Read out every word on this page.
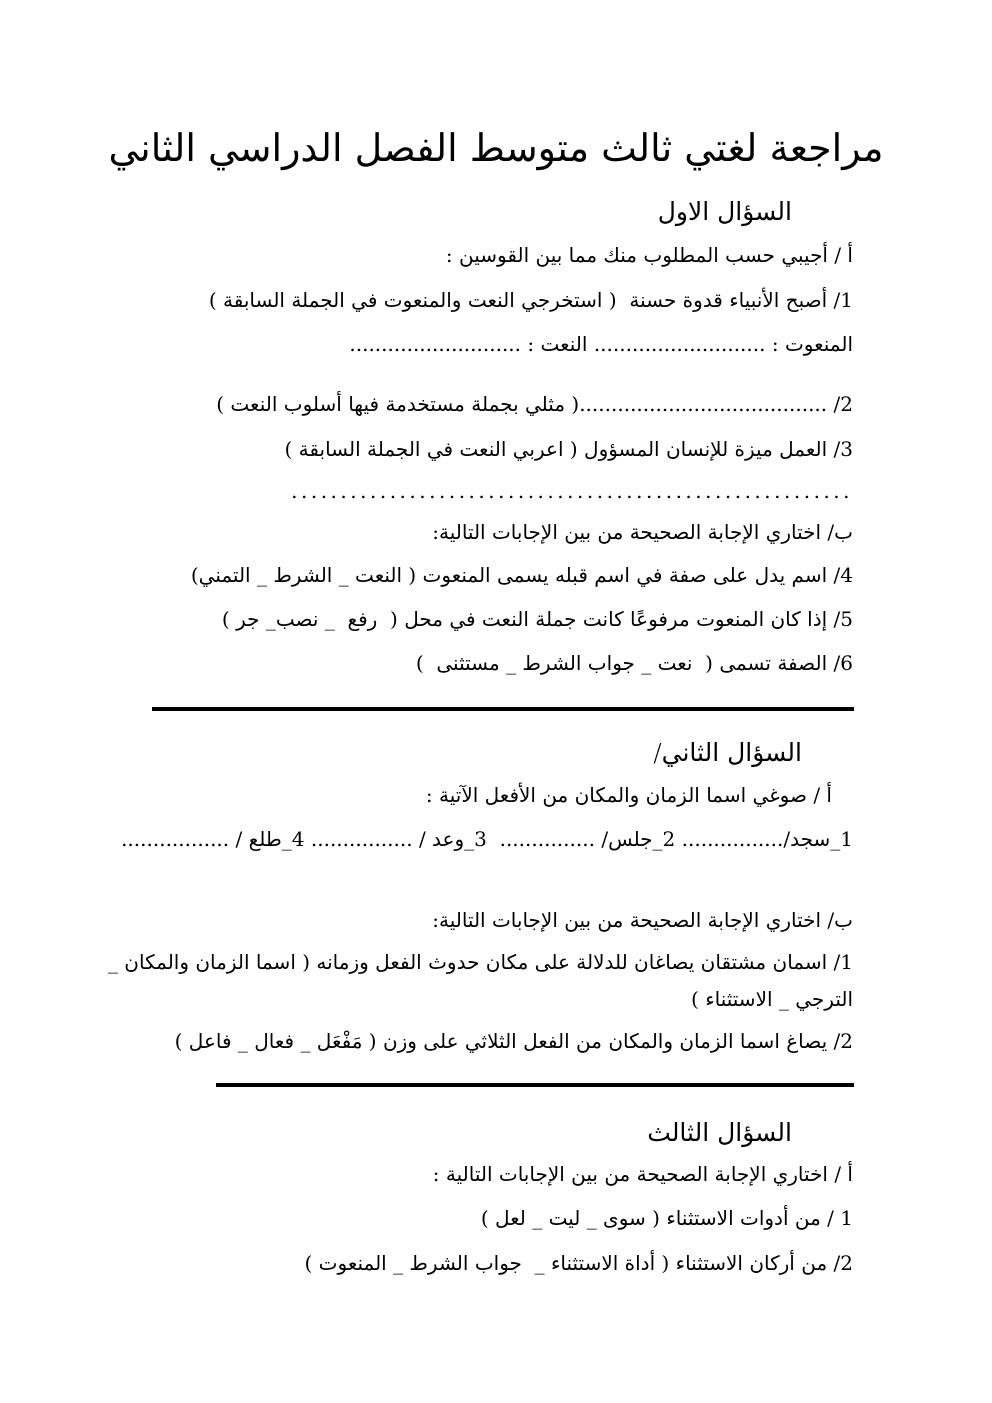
مراجعة لغتي ثالث متوسط الفصل الدراسي الثاني
السؤال الاول
أ / أجيبي حسب المطلوب منك مما بين القوسين :
1/ أصبح الأنبياء قدوة حسنة  ( استخرجي النعت والمنعوت في الجملة السابقة )
المنعوت : ........................... النعت : ...........................
2/ .......................................( مثلي بجملة مستخدمة فيها أسلوب النعت )
3/ العمل ميزة للإنسان المسؤول ( اعربي النعت في الجملة السابقة )
.........................................................
ب/ اختاري الإجابة الصحيحة من بين الإجابات التالية:
4/ اسم يدل على صفة في اسم قبله يسمى المنعوت ( النعت _ الشرط _ التمني)
5/ إذا كان المنعوت مرفوعًا كانت جملة النعت في محل (  رفع  _ نصب_ جر )
6/ الصفة تسمى (  نعت _ جواب الشرط _ مستثنى  )
السؤال الثاني/
أ / صوغي اسما الزمان والمكان من الأفعل الآتية :
1_سجد/................ 2_جلس/ ...............  3_وعد / ................ 4_طلع / .................
ب/ اختاري الإجابة الصحيحة من بين الإجابات التالية:
1/ اسمان مشتقان يصاغان للدلالة على مكان حدوث الفعل وزمانه ( اسما الزمان والمكان _
الترجي _ الاستثناء )
2/ يصاغ اسما الزمان والمكان من الفعل الثلاثي على وزن ( مَفْعَل _ فعال _ فاعل )
السؤال الثالث
أ / اختاري الإجابة الصحيحة من بين الإجابات التالية :
1 / من أدوات الاستثناء ( سوى _ ليت _ لعل )
2/ من أركان الاستثناء ( أداة الاستثناء _  جواب الشرط _ المنعوت )
